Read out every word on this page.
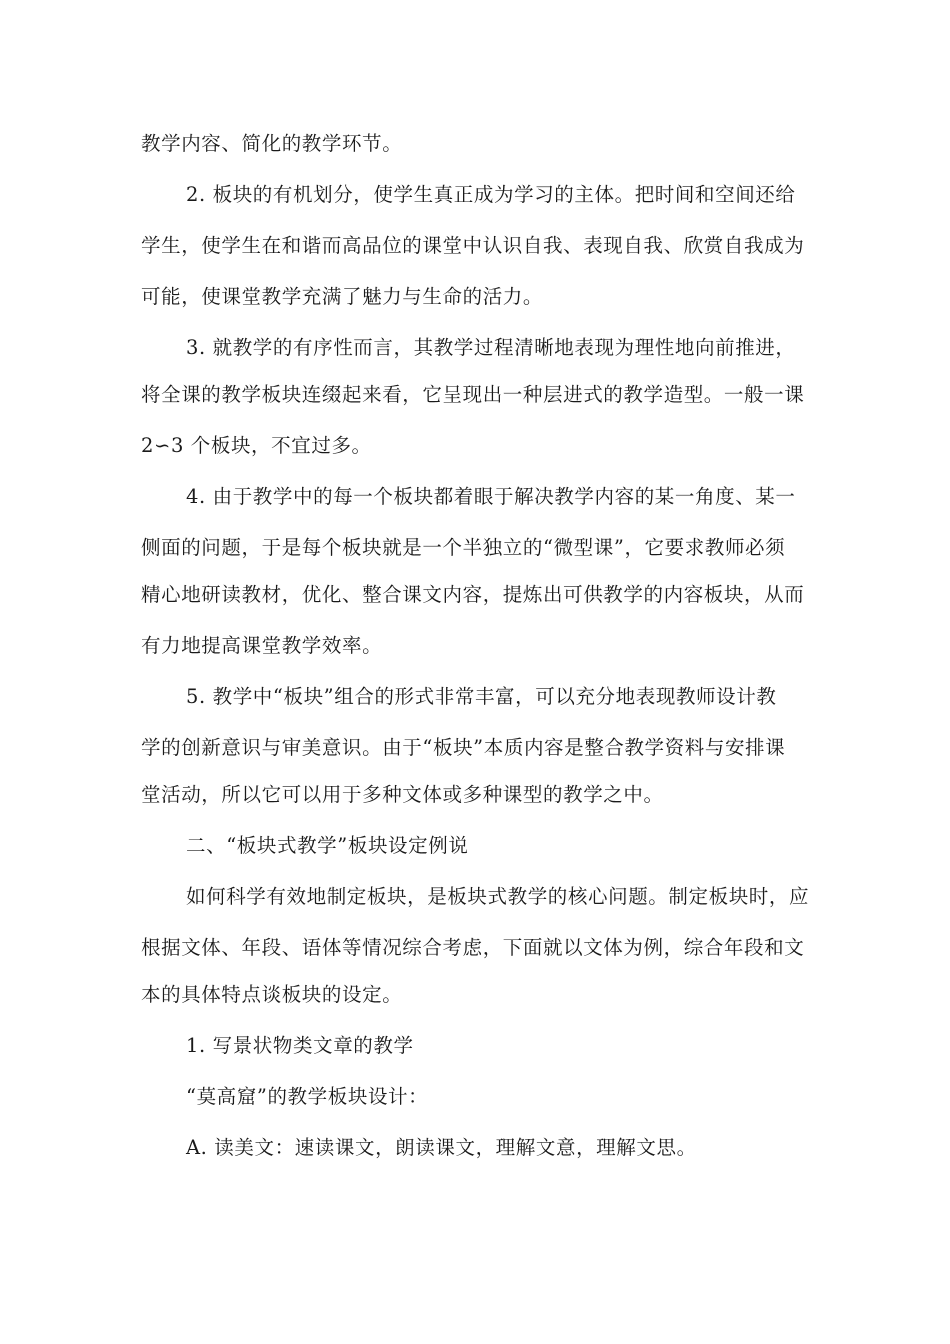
教学内容、简化的教学环节。
2. 板块的有机划分，使学生真正成为学习的主体。把时间和空间还给
学生，使学生在和谐而高品位的课堂中认识自我、表现自我、欣赏自我成为
可能，使课堂教学充满了魅力与生命的活力。
3. 就教学的有序性而言，其教学过程清晰地表现为理性地向前推进，
将全课的教学板块连缀起来看，它呈现出一种层进式的教学造型。一般一课
2∽3 个板块，不宜过多。
4. 由于教学中的每一个板块都着眼于解决教学内容的某一角度、某一
侧面的问题，于是每个板块就是一个半独立的“微型课”，它要求教师必须
精心地研读教材，优化、整合课文内容，提炼出可供教学的内容板块，从而
有力地提高课堂教学效率。
5. 教学中“板块”组合的形式非常丰富，可以充分地表现教师设计教
学的创新意识与审美意识。由于“板块”本质内容是整合教学资料与安排课
堂活动，所以它可以用于多种文体或多种课型的教学之中。
二、“板块式教学”板块设定例说
如何科学有效地制定板块，是板块式教学的核心问题。制定板块时，应
根据文体、年段、语体等情况综合考虑，下面就以文体为例，综合年段和文
本的具体特点谈板块的设定。
1. 写景状物类文章的教学
“莫高窟”的教学板块设计：
A. 读美文：速读课文，朗读课文，理解文意，理解文思。
